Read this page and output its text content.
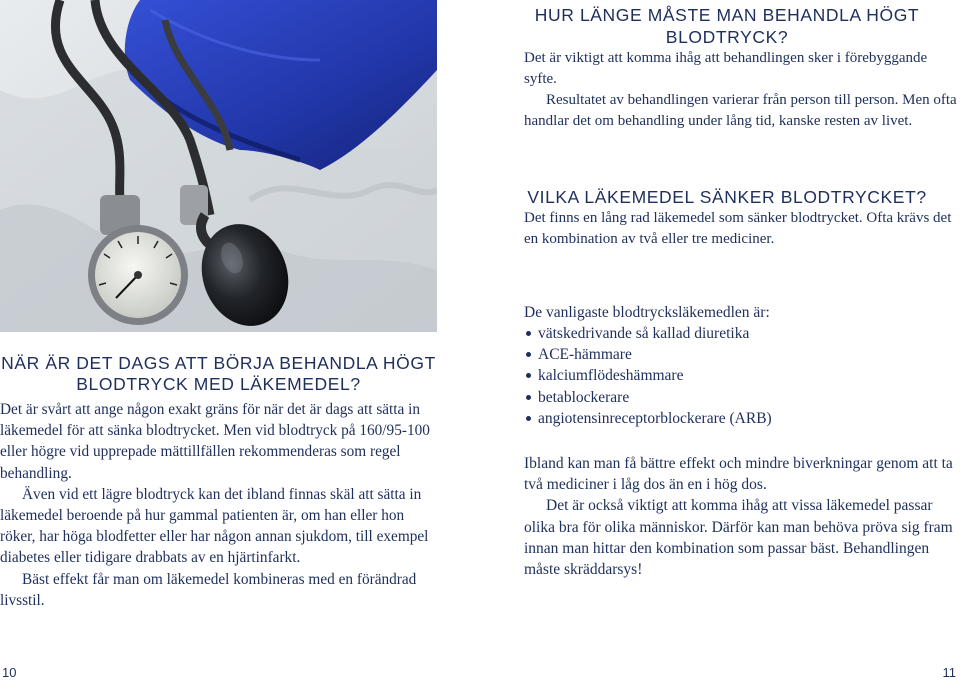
NÄR ÄR DET DAGS ATT BÖRJA BEHANDLA HÖGT BLODTRYCK MED LÄKEMEDEL?

Det är svårt att ange någon exakt gräns för när det är dags att sätta in läkemedel för att sänka blodtrycket. Men vid blodtryck på 160/95-100 eller högre vid upprepade mättillfällen rekommenderas som regel behandling.

Även vid ett lägre blodtryck kan det ibland finnas skäl att sätta in läkemedel beroende på hur gammal patienten är, om han eller hon röker, har höga blodfetter eller har någon annan sjukdom, till exempel diabetes eller tidigare drabbats av en hjärtinfarkt.

Bäst effekt får man om läkemedel kombineras med en förändrad livsstil.

HUR LÄNGE MÅSTE MAN BEHANDLA HÖGT BLODTRYCK?

Det är viktigt att komma ihåg att behandlingen sker i förebyggande syfte.

Resultatet av behandlingen varierar från person till person. Men ofta handlar det om behandling under lång tid, kanske resten av livet.

VILKA LÄKEMEDEL SÄNKER BLODTRYCKET?

Det finns en lång rad läkemedel som sänker blodtrycket. Ofta krävs det en kombination av två eller tre mediciner.

De vanligaste blodtrycksläkemedlen är:

vätskedrivande så kallad diuretika
ACE-hämmare
kalciumflödeshämmare
betablockerare
angiotensinreceptorblockerare (ARB)

Ibland kan man få bättre effekt och mindre biverkningar genom att ta två mediciner i låg dos än en i hög dos.

Det är också viktigt att komma ihåg att vissa läkemedel passar olika bra för olika människor. Därför kan man behöva pröva sig fram innan man hittar den kombination som passar bäst. Behandlingen måste skräddarsys!

10	11
